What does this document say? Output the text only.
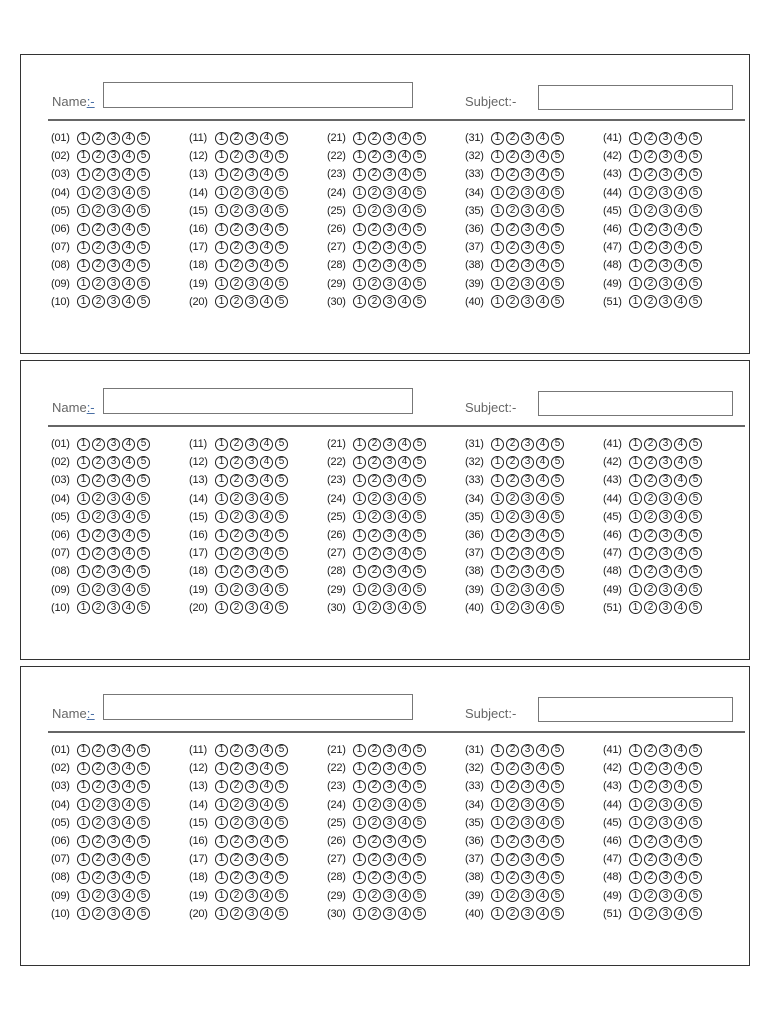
Name:-	Subject:-
(01)	1 2 3 4 5
(02)	1 2 3 4 5
(03)	1 2 3 4 5
(04)	1 2 3 4 5
(05)	1 2 3 4 5
(06)	1 2 3 4 5
(07)	1 2 3 4 5
(08)	1 2 3 4 5
(09)	1 2 3 4 5
(10)	1 2 3 4 5
(11)	1 2 3 4 5
(12)	1 2 3 4 5
(13)	1 2 3 4 5
(14)	1 2 3 4 5
(15)	1 2 3 4 5
(16)	1 2 3 4 5
(17)	1 2 3 4 5
(18)	1 2 3 4 5
(19)	1 2 3 4 5
(20)	1 2 3 4 5
(21)	1 2 3 4 5
(22)	1 2 3 4 5
(23)	1 2 3 4 5
(24)	1 2 3 4 5
(25)	1 2 3 4 5
(26)	1 2 3 4 5
(27)	1 2 3 4 5
(28)	1 2 3 4 5
(29)	1 2 3 4 5
(30)	1 2 3 4 5
(31)	1 2 3 4 5
(32)	1 2 3 4 5
(33)	1 2 3 4 5
(34)	1 2 3 4 5
(35)	1 2 3 4 5
(36)	1 2 3 4 5
(37)	1 2 3 4 5
(38)	1 2 3 4 5
(39)	1 2 3 4 5
(40)	1 2 3 4 5
(41)	1 2 3 4 5
(42)	1 2 3 4 5
(43)	1 2 3 4 5
(44)	1 2 3 4 5
(45)	1 2 3 4 5
(46)	1 2 3 4 5
(47)	1 2 3 4 5
(48)	1 2 3 4 5
(49)	1 2 3 4 5
(51)	1 2 3 4 5
Name:-	Subject:-
(01)	1 2 3 4 5
(02)	1 2 3 4 5
(03)	1 2 3 4 5
(04)	1 2 3 4 5
(05)	1 2 3 4 5
(06)	1 2 3 4 5
(07)	1 2 3 4 5
(08)	1 2 3 4 5
(09)	1 2 3 4 5
(10)	1 2 3 4 5
(11)	1 2 3 4 5
(12)	1 2 3 4 5
(13)	1 2 3 4 5
(14)	1 2 3 4 5
(15)	1 2 3 4 5
(16)	1 2 3 4 5
(17)	1 2 3 4 5
(18)	1 2 3 4 5
(19)	1 2 3 4 5
(20)	1 2 3 4 5
(21)	1 2 3 4 5
(22)	1 2 3 4 5
(23)	1 2 3 4 5
(24)	1 2 3 4 5
(25)	1 2 3 4 5
(26)	1 2 3 4 5
(27)	1 2 3 4 5
(28)	1 2 3 4 5
(29)	1 2 3 4 5
(30)	1 2 3 4 5
(31)	1 2 3 4 5
(32)	1 2 3 4 5
(33)	1 2 3 4 5
(34)	1 2 3 4 5
(35)	1 2 3 4 5
(36)	1 2 3 4 5
(37)	1 2 3 4 5
(38)	1 2 3 4 5
(39)	1 2 3 4 5
(40)	1 2 3 4 5
(41)	1 2 3 4 5
(42)	1 2 3 4 5
(43)	1 2 3 4 5
(44)	1 2 3 4 5
(45)	1 2 3 4 5
(46)	1 2 3 4 5
(47)	1 2 3 4 5
(48)	1 2 3 4 5
(49)	1 2 3 4 5
(51)	1 2 3 4 5
Name:-	Subject:-
(01)	1 2 3 4 5
(02)	1 2 3 4 5
(03)	1 2 3 4 5
(04)	1 2 3 4 5
(05)	1 2 3 4 5
(06)	1 2 3 4 5
(07)	1 2 3 4 5
(08)	1 2 3 4 5
(09)	1 2 3 4 5
(10)	1 2 3 4 5
(11)	1 2 3 4 5
(12)	1 2 3 4 5
(13)	1 2 3 4 5
(14)	1 2 3 4 5
(15)	1 2 3 4 5
(16)	1 2 3 4 5
(17)	1 2 3 4 5
(18)	1 2 3 4 5
(19)	1 2 3 4 5
(20)	1 2 3 4 5
(21)	1 2 3 4 5
(22)	1 2 3 4 5
(23)	1 2 3 4 5
(24)	1 2 3 4 5
(25)	1 2 3 4 5
(26)	1 2 3 4 5
(27)	1 2 3 4 5
(28)	1 2 3 4 5
(29)	1 2 3 4 5
(30)	1 2 3 4 5
(31)	1 2 3 4 5
(32)	1 2 3 4 5
(33)	1 2 3 4 5
(34)	1 2 3 4 5
(35)	1 2 3 4 5
(36)	1 2 3 4 5
(37)	1 2 3 4 5
(38)	1 2 3 4 5
(39)	1 2 3 4 5
(40)	1 2 3 4 5
(41)	1 2 3 4 5
(42)	1 2 3 4 5
(43)	1 2 3 4 5
(44)	1 2 3 4 5
(45)	1 2 3 4 5
(46)	1 2 3 4 5
(47)	1 2 3 4 5
(48)	1 2 3 4 5
(49)	1 2 3 4 5
(51)	1 2 3 4 5
